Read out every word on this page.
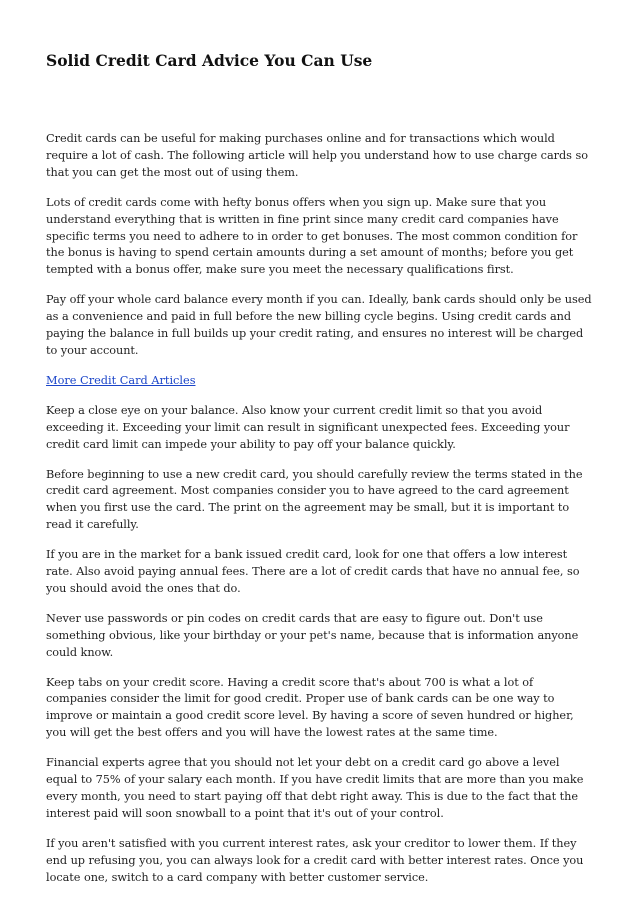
Solid Credit Card Advice You Can Use

Credit cards can be useful for making purchases online and for transactions which would require a lot of cash. The following article will help you understand how to use charge cards so that you can get the most out of using them.

Lots of credit cards come with hefty bonus offers when you sign up. Make sure that you understand everything that is written in fine print since many credit card companies have specific terms you need to adhere to in order to get bonuses. The most common condition for the bonus is having to spend certain amounts during a set amount of months; before you get tempted with a bonus offer, make sure you meet the necessary qualifications first.

Pay off your whole card balance every month if you can. Ideally, bank cards should only be used as a convenience and paid in full before the new billing cycle begins. Using credit cards and paying the balance in full builds up your credit rating, and ensures no interest will be charged to your account.

More Credit Card Articles

Keep a close eye on your balance. Also know your current credit limit so that you avoid exceeding it. Exceeding your limit can result in significant unexpected fees. Exceeding your credit card limit can impede your ability to pay off your balance quickly.

Before beginning to use a new credit card, you should carefully review the terms stated in the credit card agreement. Most companies consider you to have agreed to the card agreement when you first use the card. The print on the agreement may be small, but it is important to read it carefully.

If you are in the market for a bank issued credit card, look for one that offers a low interest rate. Also avoid paying annual fees. There are a lot of credit cards that have no annual fee, so you should avoid the ones that do.

Never use passwords or pin codes on credit cards that are easy to figure out. Don't use something obvious, like your birthday or your pet's name, because that is information anyone could know.

Keep tabs on your credit score. Having a credit score that's about 700 is what a lot of companies consider the limit for good credit. Proper use of bank cards can be one way to improve or maintain a good credit score level. By having a score of seven hundred or higher, you will get the best offers and you will have the lowest rates at the same time.

Financial experts agree that you should not let your debt on a credit card go above a level equal to 75% of your salary each month. If you have credit limits that are more than you make every month, you need to start paying off that debt right away. This is due to the fact that the interest paid will soon snowball to a point that it's out of your control.

If you aren't satisfied with you current interest rates, ask your creditor to lower them. If they end up refusing you, you can always look for a credit card with better interest rates. Once you locate one, switch to a card company with better customer service.
